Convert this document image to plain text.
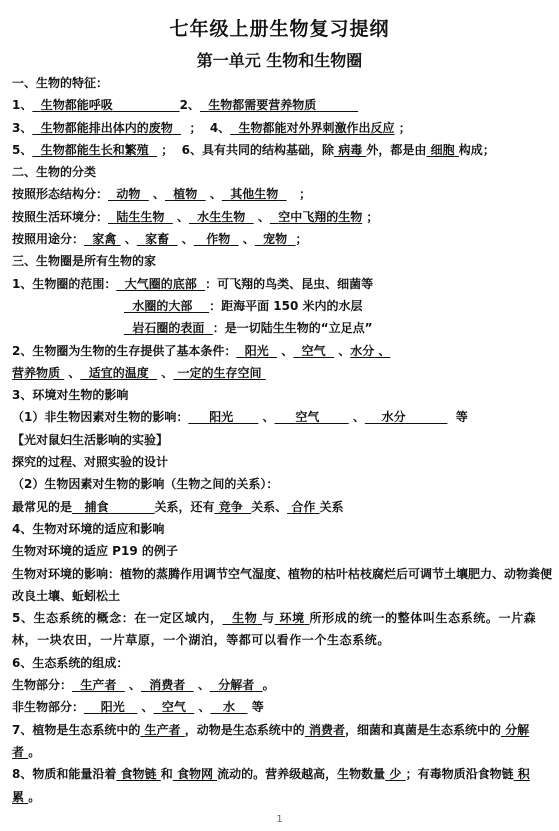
七年级上册生物复习提纲
第一单元 生物和生物圈
一、生物的特征：
1、 生物都能呼吸	2、 生物都需要营养物质
3、 生物都能排出体内的废物    ；  4、 生物都能对外界刺激作出反应 ；
5、 生物都能生长和繁殖   ；  6、具有共同的结构基础，除 病毒 外，都是由 细胞 构成；
二、生物的分类
按照形态结构分： 动物   、 植物   、 其他生物     ；
按照生活环境分： 陆生生物   、 水生生物   、 空中飞翔的生物 ；
按照用途分： 家禽  、 家畜   、 作物   、 宠物 ；
三、生物圈是所有生物的家
1、生物圈的范围： 大气圈的底部 ：可飞翔的鸟类、昆虫、细菌等
水圈的大部 ：距海平面 150 米内的水层
岩石圈的表面 ：是一切陆生生物的“立足点”
2、生物圈为生物的生存提供了基本条件： 阳光   、 空气   、水分 、
营养物质  、 适宜的温度   、 一定的生存空间
3、环境对生物的影响
（1）非生物因素对生物的影响： 阳光       、 空气        、 水分	等
【光对鼠妇生活影响的实验】
探究的过程、对照实验的设计
（2）生物因素对生物的影响（生物之间的关系）：
最常见的是 捕食	关系，还有 竞争 关系、 合作 关系
4、生物对环境的适应和影响
生物对环境的适应 P19 的例子
生物对环境的影响：植物的蒸腾作用调节空气湿度、植物的枯叶枯枝腐烂后可调节土壤肥力、动物粪便改良土壤、蚯蚓松土
5、生态系统的概念：在一定区域内， 生物 与 环境 所形成的统一的整体叫生态系统。一片森林，一块农田，一片草原，一个湖泊，等都可以看作一个生态系统。
6、生态系统的组成：
生物部分： 生产者   、 消费者   、 分解者 。
非生物部分： 阳光    、 空气   、 水 等
7、植物是生态系统中的 生产者 ，动物是生态系统中的 消费者，细菌和真菌是生态系统中的 分解者 。
8、物质和能量沿着 食物链 和 食物网 流动的。营养级越高，生物数量 少 ；有毒物质沿食物链 积累 。
1
